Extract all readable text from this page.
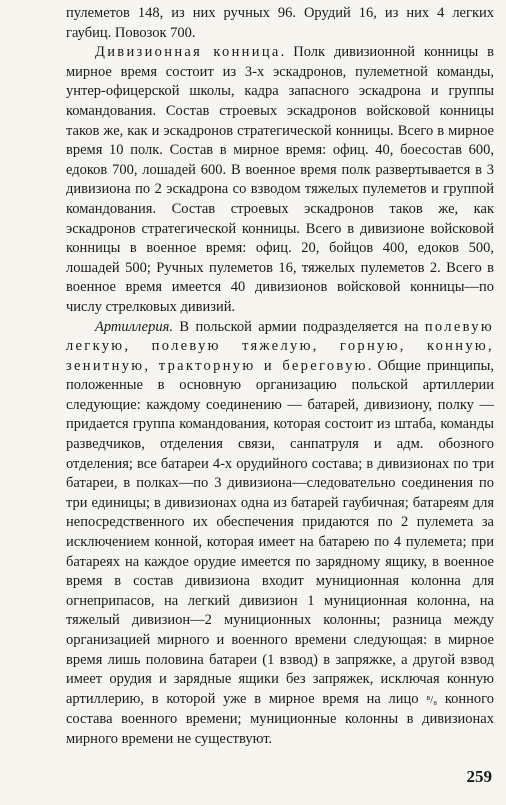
пулеметов 148, из них ручных 96. Орудий 16, из них 4 легких гаубиц. Повозок 700.

Дивизионная конница. Полк дивизионной конницы в мирное время состоит из 3-х эскадронов, пулеметной команды, унтер-офицерской школы, кадра запасного эскадрона и группы командования. Состав строевых эскадронов войсковой конницы таков же, как и эскадронов стратегической конницы. Всего в мирное время 10 полк. Состав в мирное время: офиц. 40, боесостав 600, едоков 700, лошадей 600. В военное время полк развертывается в 3 дивизиона по 2 эскадрона со взводом тяжелых пулеметов и группой командования. Состав строевых эскадронов таков же, как эскадронов стратегической конницы. Всего в дивизионе войсковой конницы в военное время: офиц. 20, бойцов 400, едоков 500, лошадей 500; Ручных пулеметов 16, тяжелых пулеметов 2. Всего в военное время имеется 40 дивизионов войсковой конницы—по числу стрелковых дивизий.

Артиллерия. В польской армии подразделяется на полевую легкую, полевую тяжелую, горную, конную, зенитную, тракторную и береговую. Общие принципы, положенные в основную организацию польской артиллерии следующие: каждому соединению — батарей, дивизиону, полку — придается группа командования, которая состоит из штаба, команды разведчиков, отделения связи, санпатруля и адм. обозного отделения; все батареи 4-х орудийного состава; в дивизионах по три батареи, в полках—по 3 дивизиона—следовательно соединения по три единицы; в дивизионах одна из батарей гаубичная; батареям для непосредственного их обеспечения придаются по 2 пулемета за исключением конной, которая имеет на батарею по 4 пулемета; при батареях на каждое орудие имеется по зарядному ящику, в военное время в состав дивизиона входит мунициoнная колонна для огнеприпасов, на легкий дивизион 1 мунициoнная колонна, на тяжелый дивизион—2 мунициoнных колонны; разница между организацией мирного и военного времени следующая: в мирное время лишь половина батареи (1 взвод) в запряжке, а другой взвод имеет орудия и зарядные ящики без запряжек, исключая конную артиллерию, в которой уже в мирное время на лицо ⁸/₈ конного состава военного времени; мунициoнные колонны в дивизионах мирного времени не существуют.

259
